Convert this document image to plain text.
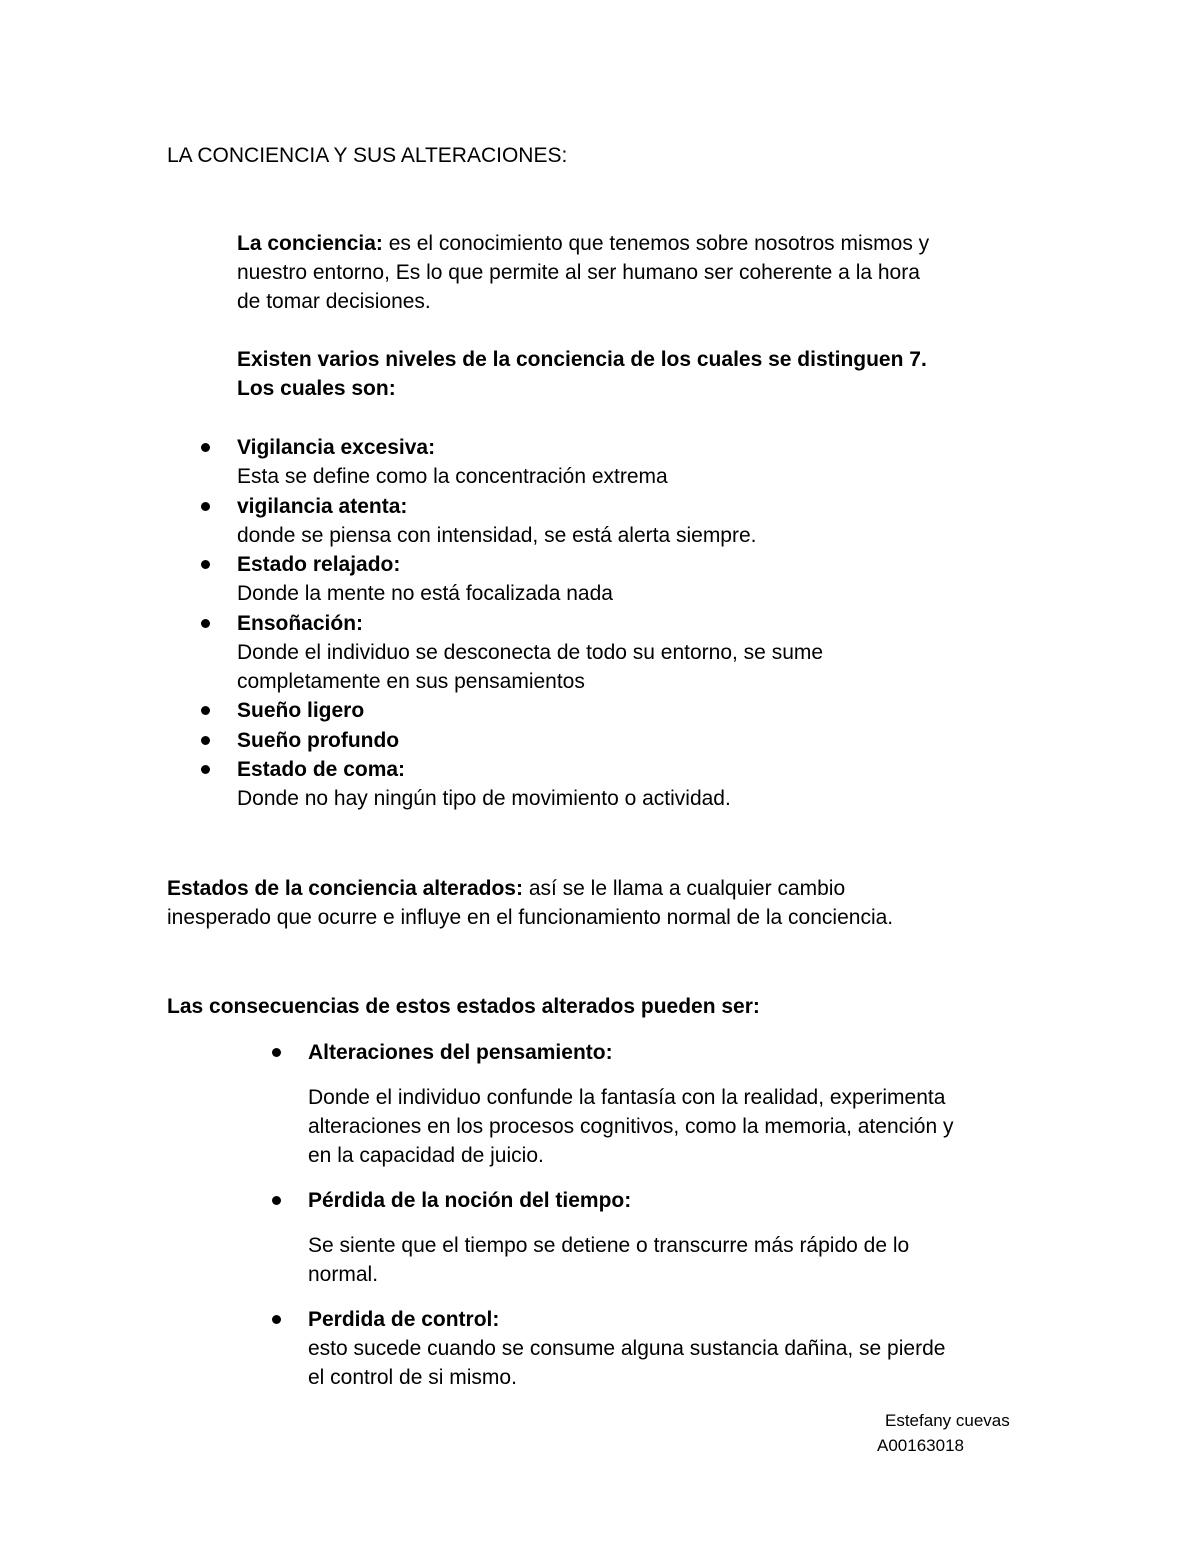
LA CONCIENCIA Y SUS ALTERACIONES:
La conciencia: es el conocimiento que tenemos sobre nosotros mismos y
nuestro entorno, Es lo que permite al ser humano ser coherente a la hora
de tomar decisiones.
Existen varios niveles de la conciencia de los cuales se distinguen 7.
Los cuales son:
Vigilancia excesiva:
Esta se define como la concentración extrema
vigilancia atenta:
donde se piensa con intensidad, se está alerta siempre.
Estado relajado:
Donde la mente no está focalizada nada
Ensoñación:
Donde el individuo se desconecta de todo su entorno, se sume
completamente en sus pensamientos
Sueño ligero
Sueño profundo
Estado de coma:
Donde no hay ningún tipo de movimiento o actividad.
Estados de la conciencia alterados: así se le llama a cualquier cambio
inesperado que ocurre e influye en el funcionamiento normal de la conciencia.
Las consecuencias de estos estados alterados pueden ser:
Alteraciones del pensamiento:
Donde el individuo confunde la fantasía con la realidad, experimenta
alteraciones en los procesos cognitivos, como la memoria, atención y
en la capacidad de juicio.
Pérdida de la noción del tiempo:
Se siente que el tiempo se detiene o transcurre más rápido de lo
normal.
Perdida de control:
esto sucede cuando se consume alguna sustancia dañina, se pierde
el control de si mismo.
Estefany cuevas
A00163018
